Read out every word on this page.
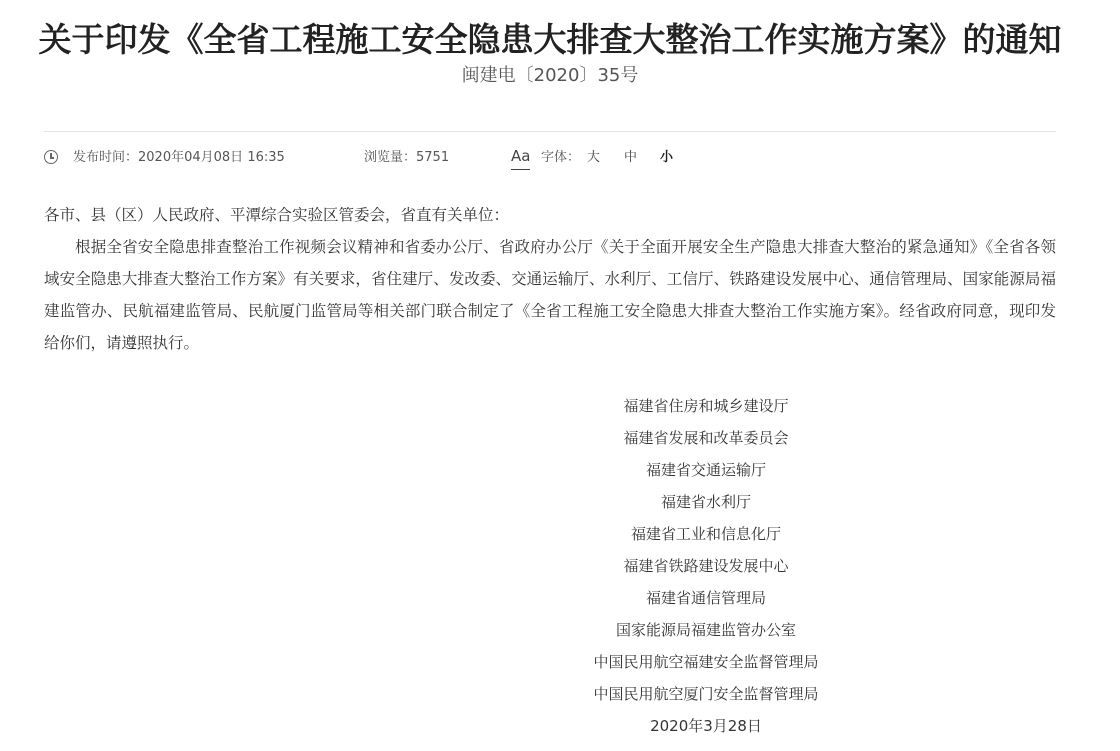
关于印发《全省工程施工安全隐患大排查大整治工作实施方案》的通知
闽建电〔2020〕35号
发布时间：2020年04月08日 16:35	浏览量：5751	Aa 字体： 大 中 小

各市、县（区）人民政府、平潭综合实验区管委会，省直有关单位：

根据全省安全隐患排查整治工作视频会议精神和省委办公厅、省政府办公厅《关于全面开展安全生产隐患大排查大整治的紧急通知》《全省各领域安全隐患大排查大整治工作方案》有关要求，省住建厅、发改委、交通运输厅、水利厅、工信厅、铁路建设发展中心、通信管理局、国家能源局福建监管办、民航福建监管局、民航厦门监管局等相关部门联合制定了《全省工程施工安全隐患大排查大整治工作实施方案》。经省政府同意，现印发给你们，请遵照执行。

福建省住房和城乡建设厅

福建省发展和改革委员会

福建省交通运输厅

福建省水利厅

福建省工业和信息化厅

福建省铁路建设发展中心

福建省通信管理局

国家能源局福建监管办公室

中国民用航空福建安全监督管理局

中国民用航空厦门安全监督管理局

2020年3月28日
